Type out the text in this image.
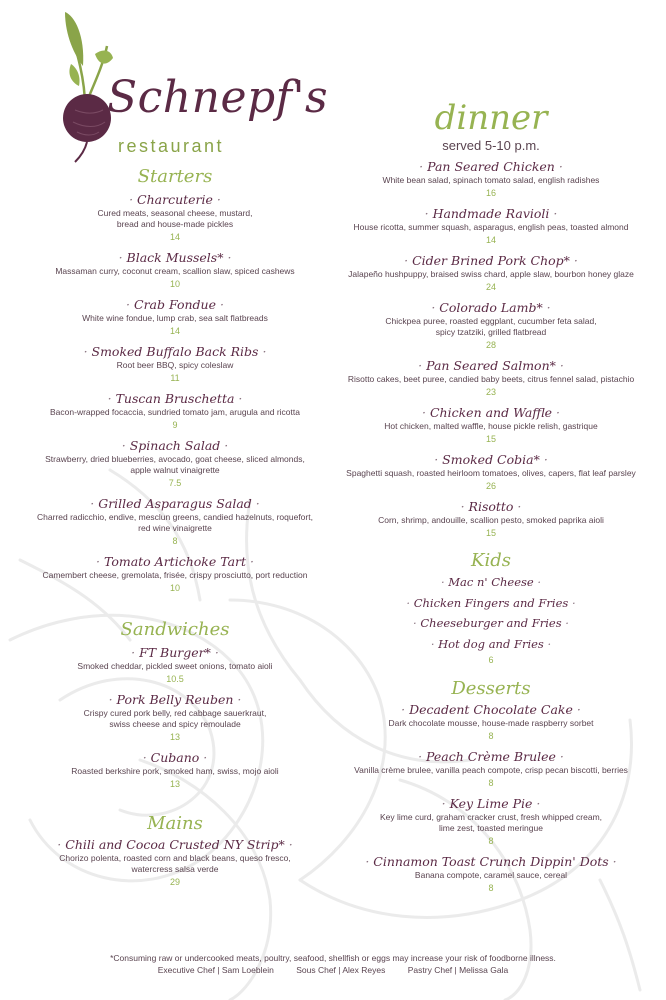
Schnepf's
restaurant
Starters
· Charcuterie ·
Cured meats, seasonal cheese, mustard,
bread and house-made pickles
14
· Black Mussels* ·
Massaman curry, coconut cream, scallion slaw, spiced cashews
10
· Crab Fondue ·
White wine fondue, lump crab, sea salt flatbreads
14
· Smoked Buffalo Back Ribs ·
Root beer BBQ, spicy coleslaw
11
· Tuscan Bruschetta ·
Bacon-wrapped focaccia, sundried tomato jam, arugula and ricotta
9
· Spinach Salad ·
Strawberry, dried blueberries, avocado, goat cheese, sliced almonds,
apple walnut vinaigrette
7.5
· Grilled Asparagus Salad ·
Charred radicchio, endive, mesclun greens, candied hazelnuts, roquefort,
red wine vinaigrette
8
· Tomato Artichoke Tart ·
Camembert cheese, gremolata, frisée, crispy prosciutto, port reduction
10
Sandwiches
· FT Burger* ·
Smoked cheddar, pickled sweet onions, tomato aioli
10.5
· Pork Belly Reuben ·
Crispy cured pork belly, red cabbage sauerkraut,
swiss cheese and spicy remoulade
13
· Cubano ·
Roasted berkshire pork, smoked ham, swiss, mojo aioli
13
Mains
· Chili and Cocoa Crusted NY Strip* ·
Chorizo polenta, roasted corn and black beans, queso fresco,
watercress salsa verde
29
dinner
served 5-10 p.m.
· Pan Seared Chicken ·
White bean salad, spinach tomato salad, english radishes
16
· Handmade Ravioli ·
House ricotta, summer squash, asparagus, english peas, toasted almond
14
· Cider Brined Pork Chop* ·
Jalapeño hushpuppy, braised swiss chard, apple slaw, bourbon honey glaze
24
· Colorado Lamb* ·
Chickpea puree, roasted eggplant, cucumber feta salad,
spicy tzatziki, grilled flatbread
28
· Pan Seared Salmon* ·
Risotto cakes, beet puree, candied baby beets, citrus fennel salad, pistachio
23
· Chicken and Waffle ·
Hot chicken, malted waffle, house pickle relish, gastrique
15
· Smoked Cobia* ·
Spaghetti squash, roasted heirloom tomatoes, olives, capers, flat leaf parsley
26
· Risotto ·
Corn, shrimp, andouille, scallion pesto, smoked paprika aioli
15
Kids
· Mac n' Cheese ·
· Chicken Fingers and Fries ·
· Cheeseburger and Fries ·
· Hot dog and Fries ·
6
Desserts
· Decadent Chocolate Cake ·
Dark chocolate mousse, house-made raspberry sorbet
8
· Peach Crème Brulee ·
Vanilla crème brulee, vanilla peach compote, crisp pecan biscotti, berries
8
· Key Lime Pie ·
Key lime curd, graham cracker crust, fresh whipped cream,
lime zest, toasted meringue
8
· Cinnamon Toast Crunch Dippin' Dots ·
Banana compote, caramel sauce, cereal
8
*Consuming raw or undercooked meats, poultry, seafood, shellfish or eggs may increase your risk of foodborne illness.
Executive Chef | Sam Loeblein	Sous Chef | Alex Reyes	Pastry Chef | Melissa Gala
